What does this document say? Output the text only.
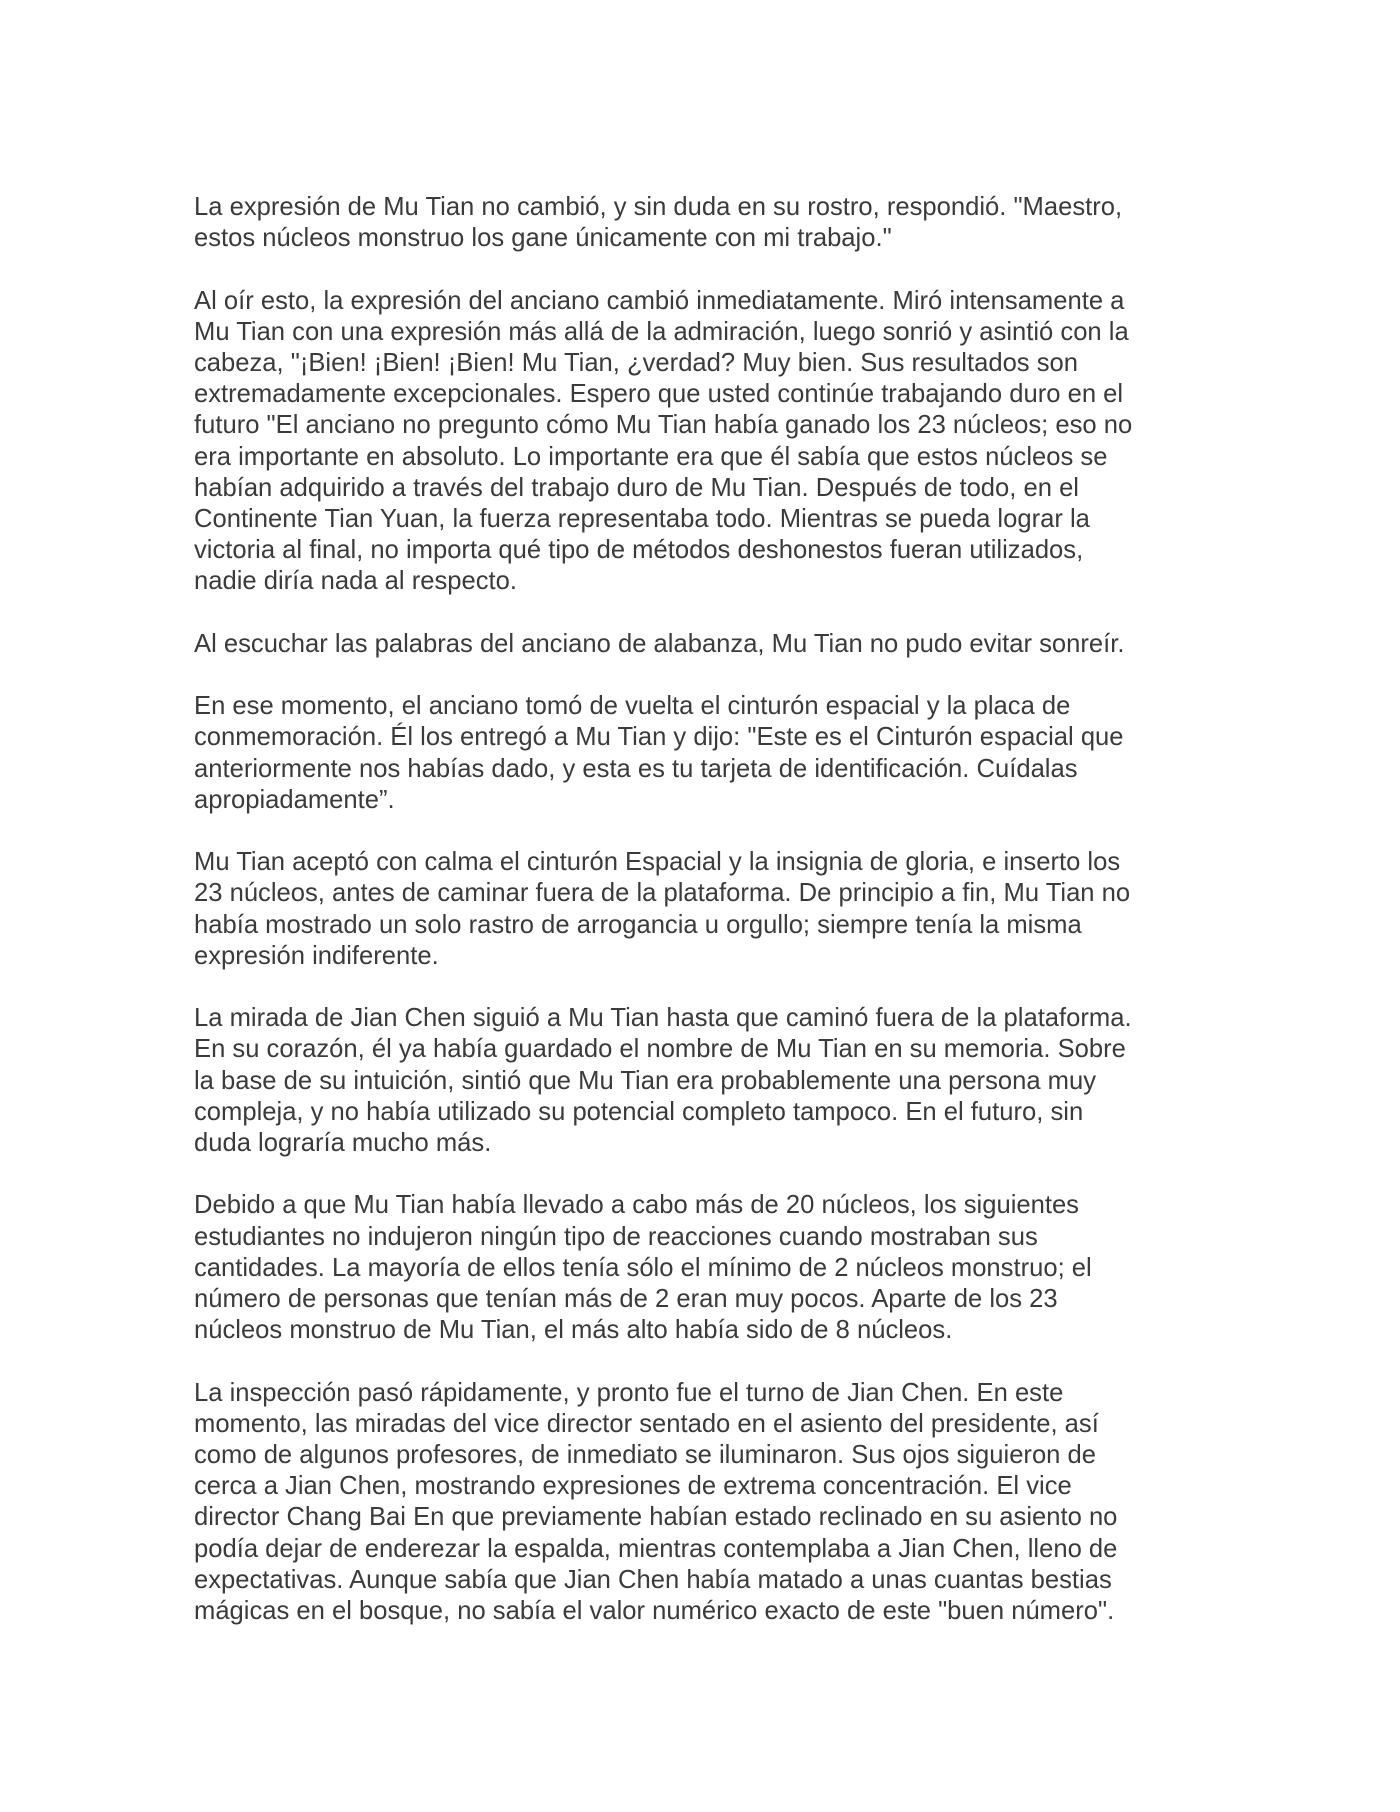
La expresión de Mu Tian no cambió, y sin duda en su rostro, respondió. "Maestro,
estos núcleos monstruo los gane únicamente con mi trabajo."

Al oír esto, la expresión del anciano cambió inmediatamente. Miró intensamente a
Mu Tian con una expresión más allá de la admiración, luego sonrió y asintió con la
cabeza, "¡Bien! ¡Bien! ¡Bien! Mu Tian, ¿verdad? Muy bien. Sus resultados son
extremadamente excepcionales. Espero que usted continúe trabajando duro en el
futuro "El anciano no pregunto cómo Mu Tian había ganado los 23 núcleos; eso no
era importante en absoluto. Lo importante era que él sabía que estos núcleos se
habían adquirido a través del trabajo duro de Mu Tian. Después de todo, en el
Continente Tian Yuan, la fuerza representaba todo. Mientras se pueda lograr la
victoria al final, no importa qué tipo de métodos deshonestos fueran utilizados,
nadie diría nada al respecto.

Al escuchar las palabras del anciano de alabanza, Mu Tian no pudo evitar sonreír.

En ese momento, el anciano tomó de vuelta el cinturón espacial y la placa de
conmemoración. Él los entregó a Mu Tian y dijo: "Este es el Cinturón espacial que
anteriormente nos habías dado, y esta es tu tarjeta de identificación. Cuídalas
apropiadamente”.

Mu Tian aceptó con calma el cinturón Espacial y la insignia de gloria, e inserto los
23 núcleos, antes de caminar fuera de la plataforma. De principio a fin, Mu Tian no
había mostrado un solo rastro de arrogancia u orgullo; siempre tenía la misma
expresión indiferente.

La mirada de Jian Chen siguió a Mu Tian hasta que caminó fuera de la plataforma.
En su corazón, él ya había guardado el nombre de Mu Tian en su memoria. Sobre
la base de su intuición, sintió que Mu Tian era probablemente una persona muy
compleja, y no había utilizado su potencial completo tampoco. En el futuro, sin
duda lograría mucho más.

Debido a que Mu Tian había llevado a cabo más de 20 núcleos, los siguientes
estudiantes no indujeron ningún tipo de reacciones cuando mostraban sus
cantidades. La mayoría de ellos tenía sólo el mínimo de 2 núcleos monstruo; el
número de personas que tenían más de 2 eran muy pocos. Aparte de los 23
núcleos monstruo de Mu Tian, el más alto había sido de 8 núcleos.

La inspección pasó rápidamente, y pronto fue el turno de Jian Chen. En este
momento, las miradas del vice director sentado en el asiento del presidente, así
como de algunos profesores, de inmediato se iluminaron. Sus ojos siguieron de
cerca a Jian Chen, mostrando expresiones de extrema concentración. El vice
director Chang Bai En que previamente habían estado reclinado en su asiento no
podía dejar de enderezar la espalda, mientras contemplaba a Jian Chen, lleno de
expectativas. Aunque sabía que Jian Chen había matado a unas cuantas bestias
mágicas en el bosque, no sabía el valor numérico exacto de este "buen número".
